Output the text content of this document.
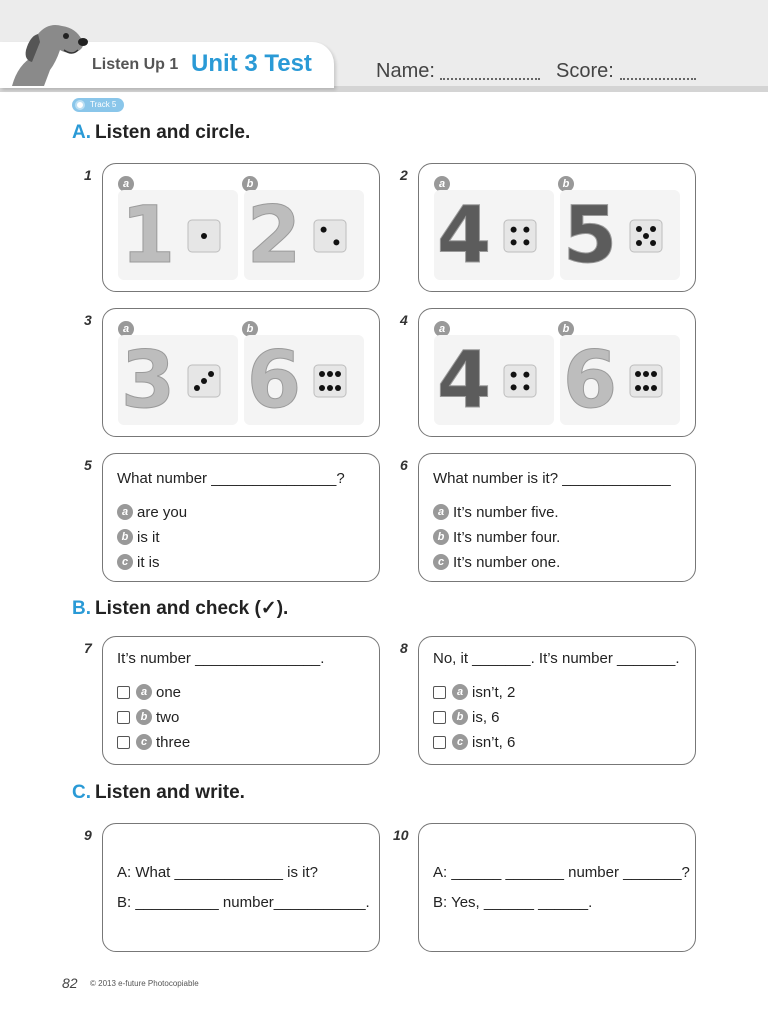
Listen Up 1 Unit 3 Test	Name:	Score:
Track 5
A. Listen and circle.
1
a	b
1 2
2
a	b
4 5
3
a	b
3 6
4
a	b
4 6
5
What number _______________?
a are you
b is it
c it is
6
What number is it? _____________
a It’s number five.
b It’s number four.
c It’s number one.
B. Listen and check (✓).
7
It’s number _______________.
a one
b two
c three
8
No, it _______. It’s number _______.
a isn’t, 2
b is, 6
c isn’t, 6
C. Listen and write.
9
A: What _____________ is it?
B: __________ number___________.
10
A: ______ _______ number _______?
B: Yes, ______ ______.
82 © 2013 e-future Photocopiable
